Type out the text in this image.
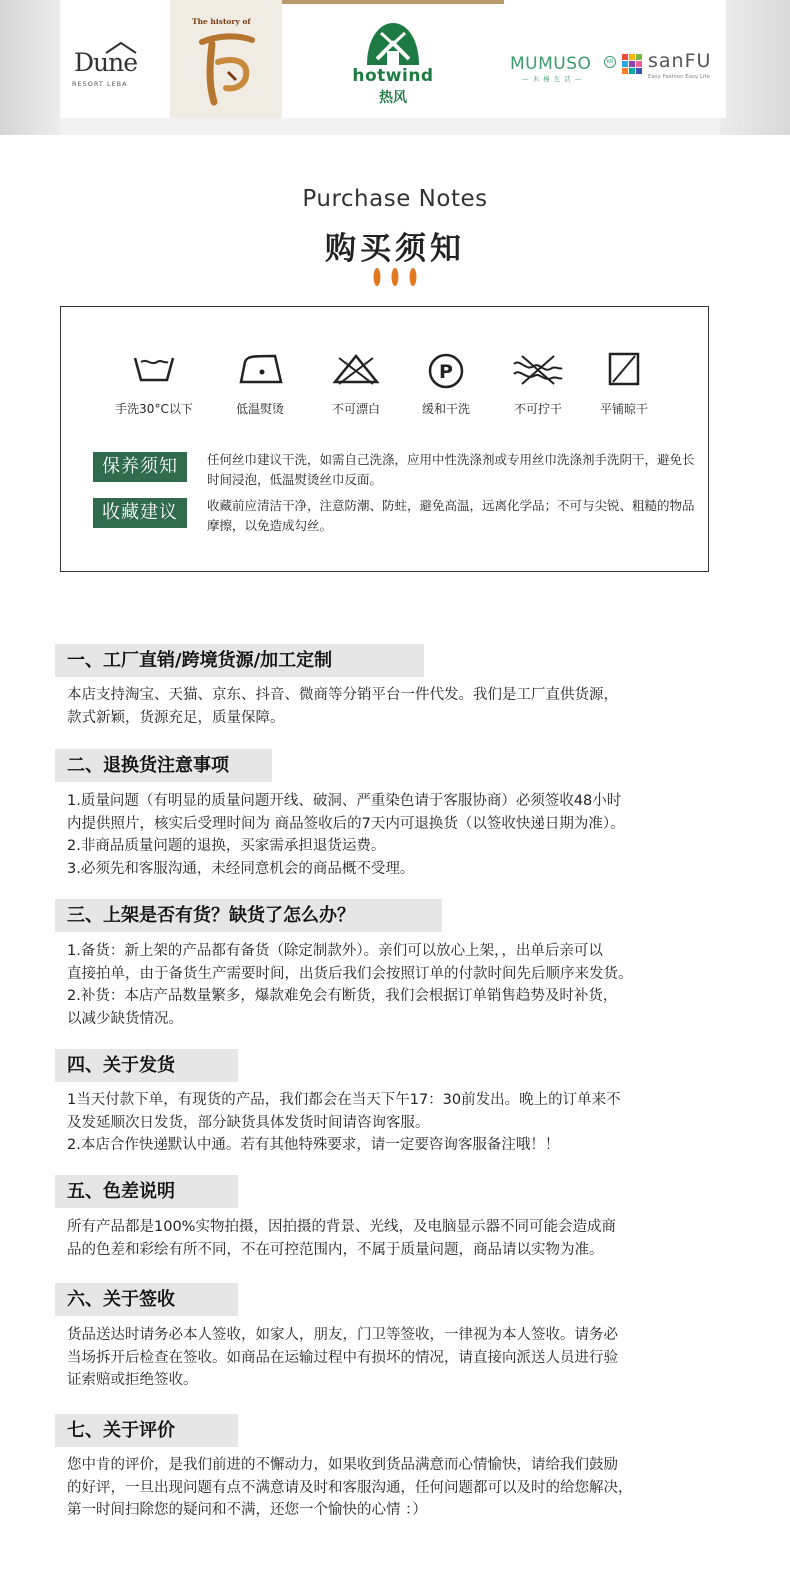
Dune
RESORT LEBA
The history of
hotwind
热风
MUMUSO	KR
— 木 槿 生 活 —
sanFU
Easy Fashion Easy Life
Purchase Notes
购买须知
手洗30°C以下	低温熨烫	不可漂白
P
缓和干洗	不可拧干	平铺晾干
保养须知	任何丝巾建议干洗，如需自己洗涤，应用中性洗涤剂或专用丝巾洗涤剂手洗阴干，避免长时间浸泡，低温熨烫丝巾反面。
收藏建议	收藏前应清洁干净，注意防潮、防蛀，避免高温，远离化学品；不可与尖锐、粗糙的物品摩擦，以免造成勾丝。
一、工厂直销/跨境货源/加工定制

本店支持淘宝、天猫、京东、抖音、微商等分销平台一件代发。我们是工厂直供货源，

款式新颖，货源充足，质量保障。

二、退换货注意事项

1.质量问题（有明显的质量问题开线、破洞、严重染色请于客服协商）必须签收48小时

内提供照片，核实后受理时间为 商品签收后的7天内可退换货（以签收快递日期为准）。

2.非商品质量问题的退换，买家需承担退货运费。

3.必须先和客服沟通，未经同意机会的商品概不受理。

三、上架是否有货？缺货了怎么办？

1.备货：新上架的产品都有备货（除定制款外）。亲们可以放心上架，，出单后亲可以

直接拍单，由于备货生产需要时间，出货后我们会按照订单的付款时间先后顺序来发货。

2.补货：本店产品数量繁多，爆款难免会有断货，我们会根据订单销售趋势及时补货，

以减少缺货情况。

四、关于发货

1当天付款下单，有现货的产品，我们都会在当天下午17：30前发出。晚上的订单来不

及发延顺次日发货，部分缺货具体发货时间请咨询客服。

2.本店合作快递默认中通。若有其他特殊要求，请一定要咨询客服备注哦！！

五、色差说明

所有产品都是100%实物拍摄，因拍摄的背景、光线，及电脑显示器不同可能会造成商

品的色差和彩绘有所不同，不在可控范围内，不属于质量问题，商品请以实物为准。

六、关于签收

货品送达时请务必本人签收，如家人，朋友，门卫等签收，一律视为本人签收。请务必

当场拆开后检查在签收。如商品在运输过程中有损坏的情况，请直接向派送人员进行验

证索赔或拒绝签收。

七、关于评价

您中肯的评价，是我们前进的不懈动力，如果收到货品满意而心情愉快，请给我们鼓励

的好评，一旦出现问题有点不满意请及时和客服沟通，任何问题都可以及时的给您解决，

第一时间扫除您的疑问和不满，还您一个愉快的心情 ：）
